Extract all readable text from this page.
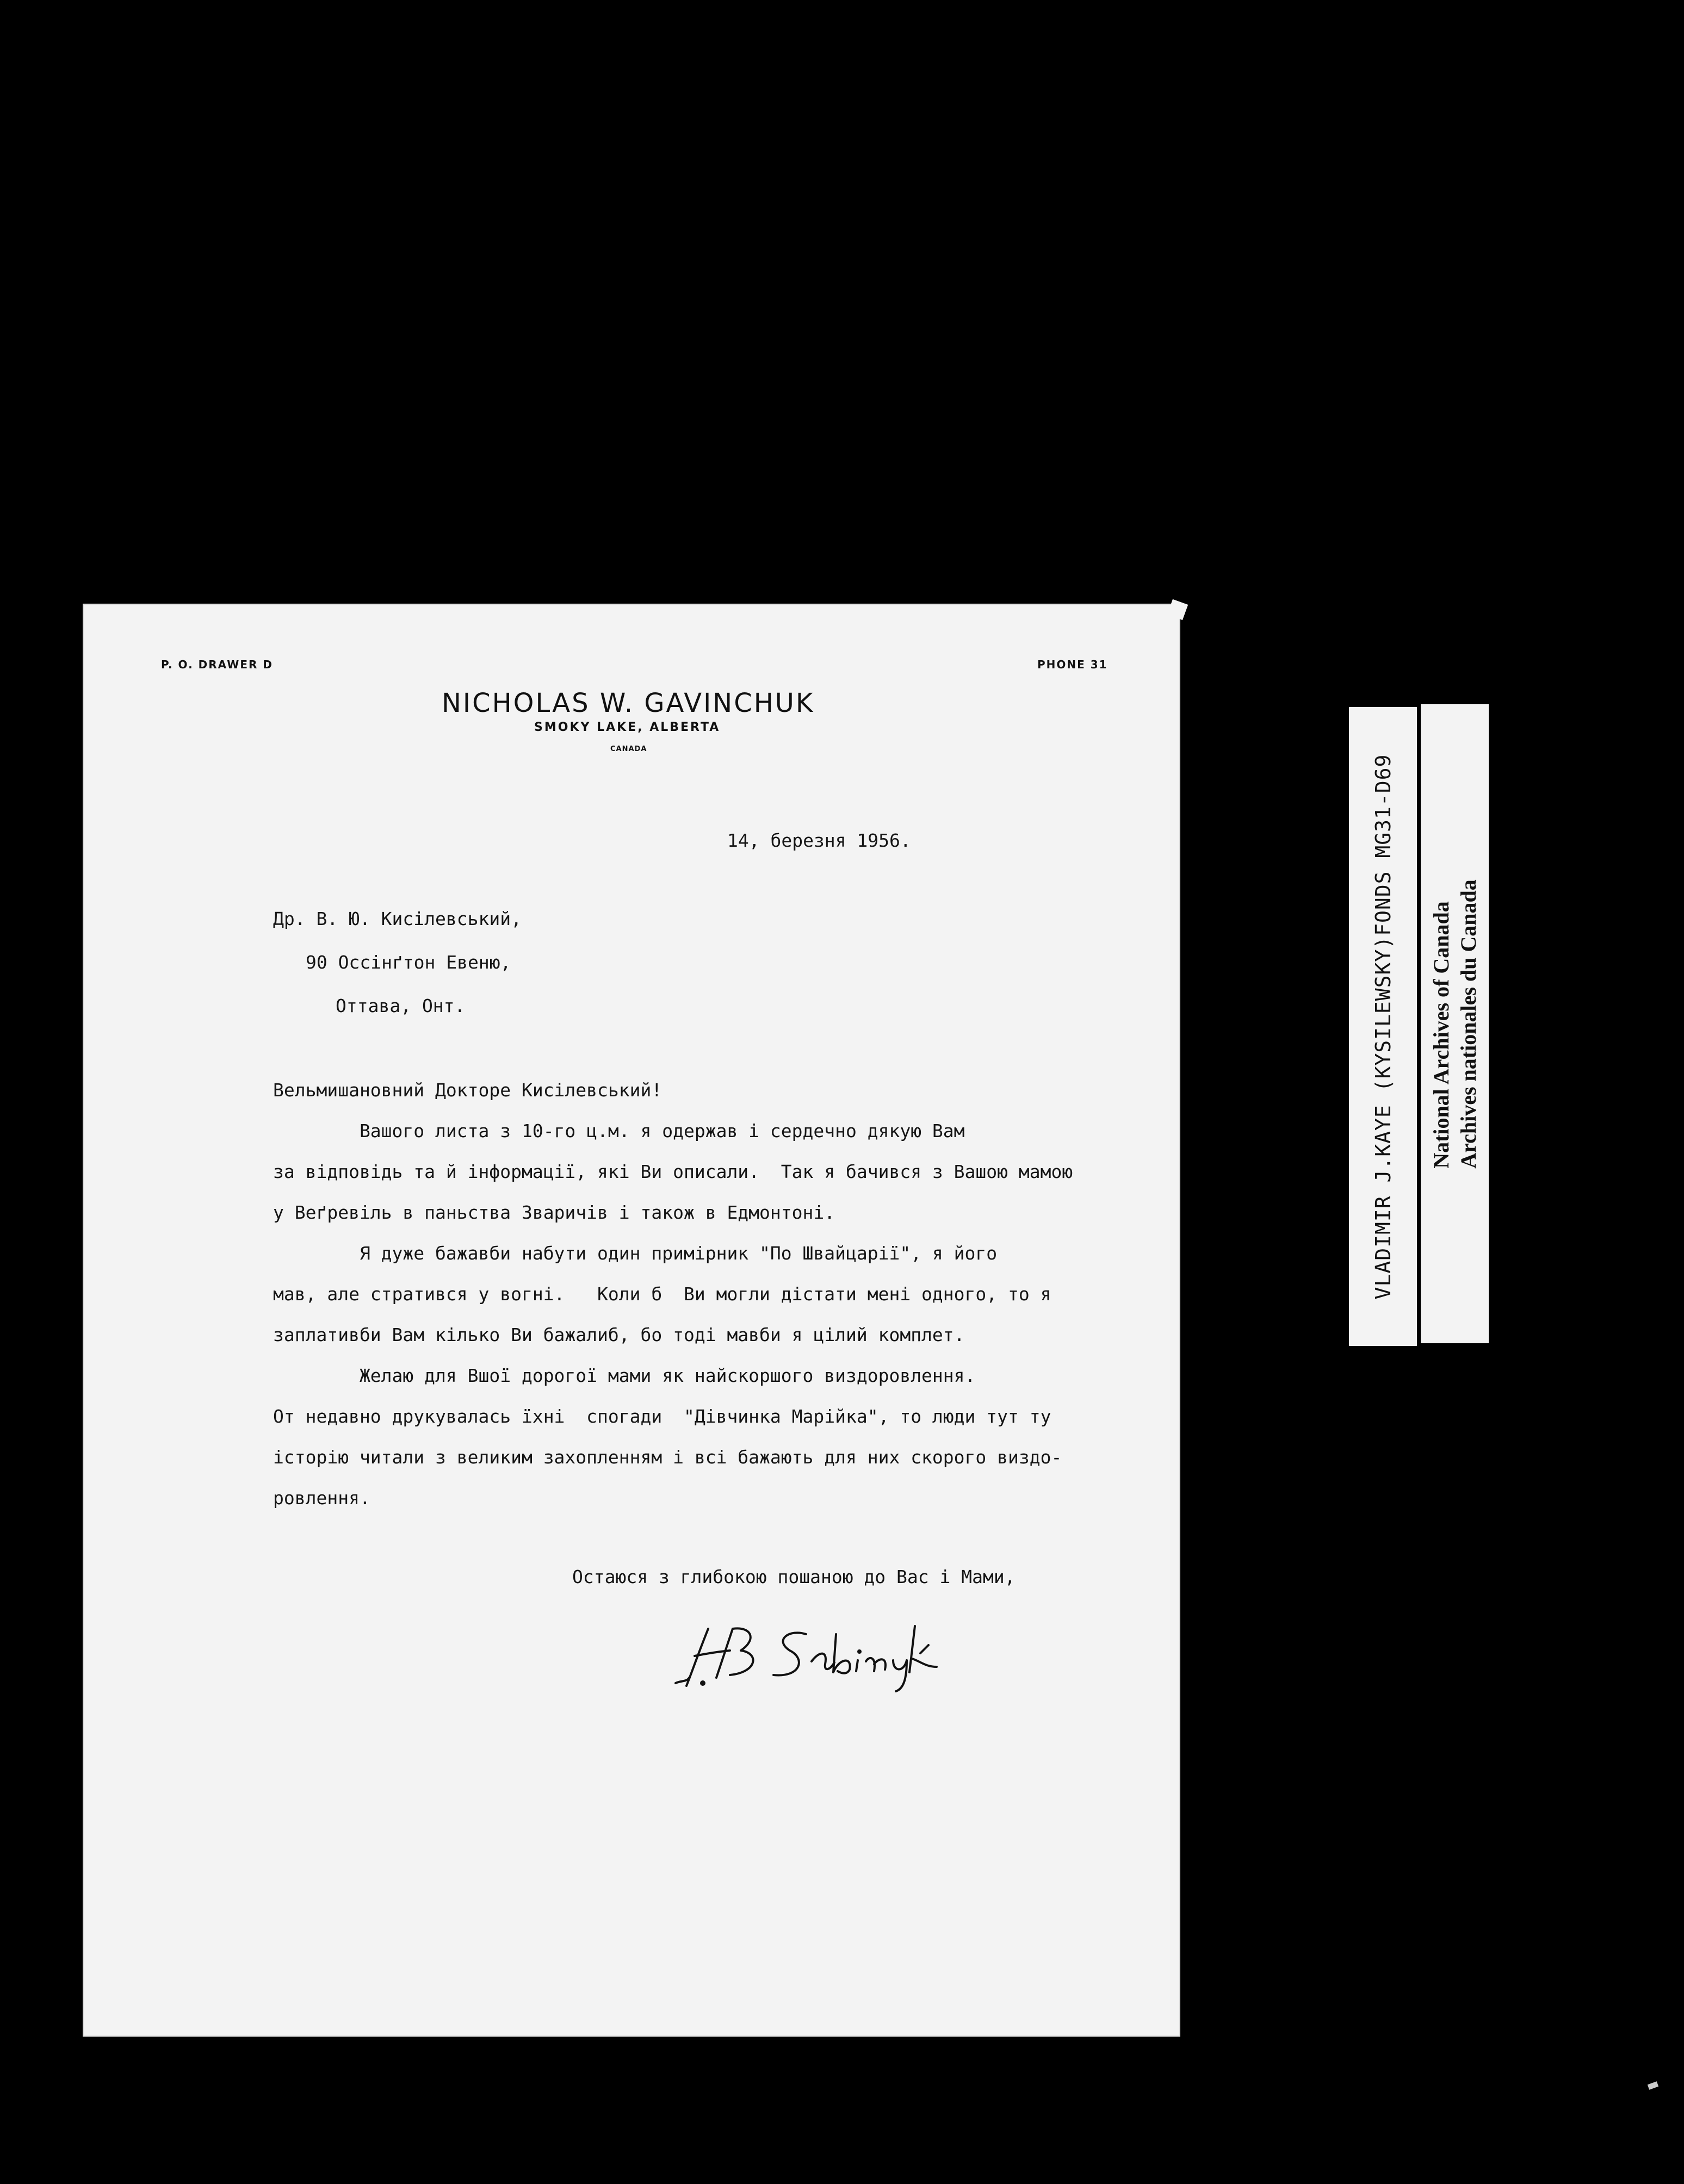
P. O. DRAWER D	PHONE 31
NICHOLAS W. GAVINCHUK
SMOKY LAKE, ALBERTA
CANADA
14, березня 1956.
Др. В. Ю. Кисілевський,
90 Оссінґтон Евеню,
Оттава, Онт.
Вельмишановний Докторе Кисілевський!
Вашого листа з 10-го ц.м. я одержав і сердечно дякую Вам
за відповідь та й інформації, які Ви описали.  Так я бачився з Вашою мамою
у Веґревіль в паньства Зваричів і також в Едмонтоні.
Я дуже бажавби набути один примірник "По Швайцарії", я його
мав, але стратився у вогні.   Коли б  Ви могли дістати мені одного, то я
заплативби Вам кілько Ви бажалиб, бо тоді мавби я цілий комплет.
Желаю для Вшої дорогої мами як найскоршого виздоровлення.
От недавно друкувалась їхні  спогади  "Дівчинка Марійка", то люди тут ту
історію читали з великим захопленням і всі бажають для них скорого виздо-
ровлення.
Остаюся з глибокою пошаною до Вас і Мами,
VLADIMIR J.KAYE (KYSILEWSKY)FONDS MG31-D69 National Archives of Canada Archives nationales du Canada
